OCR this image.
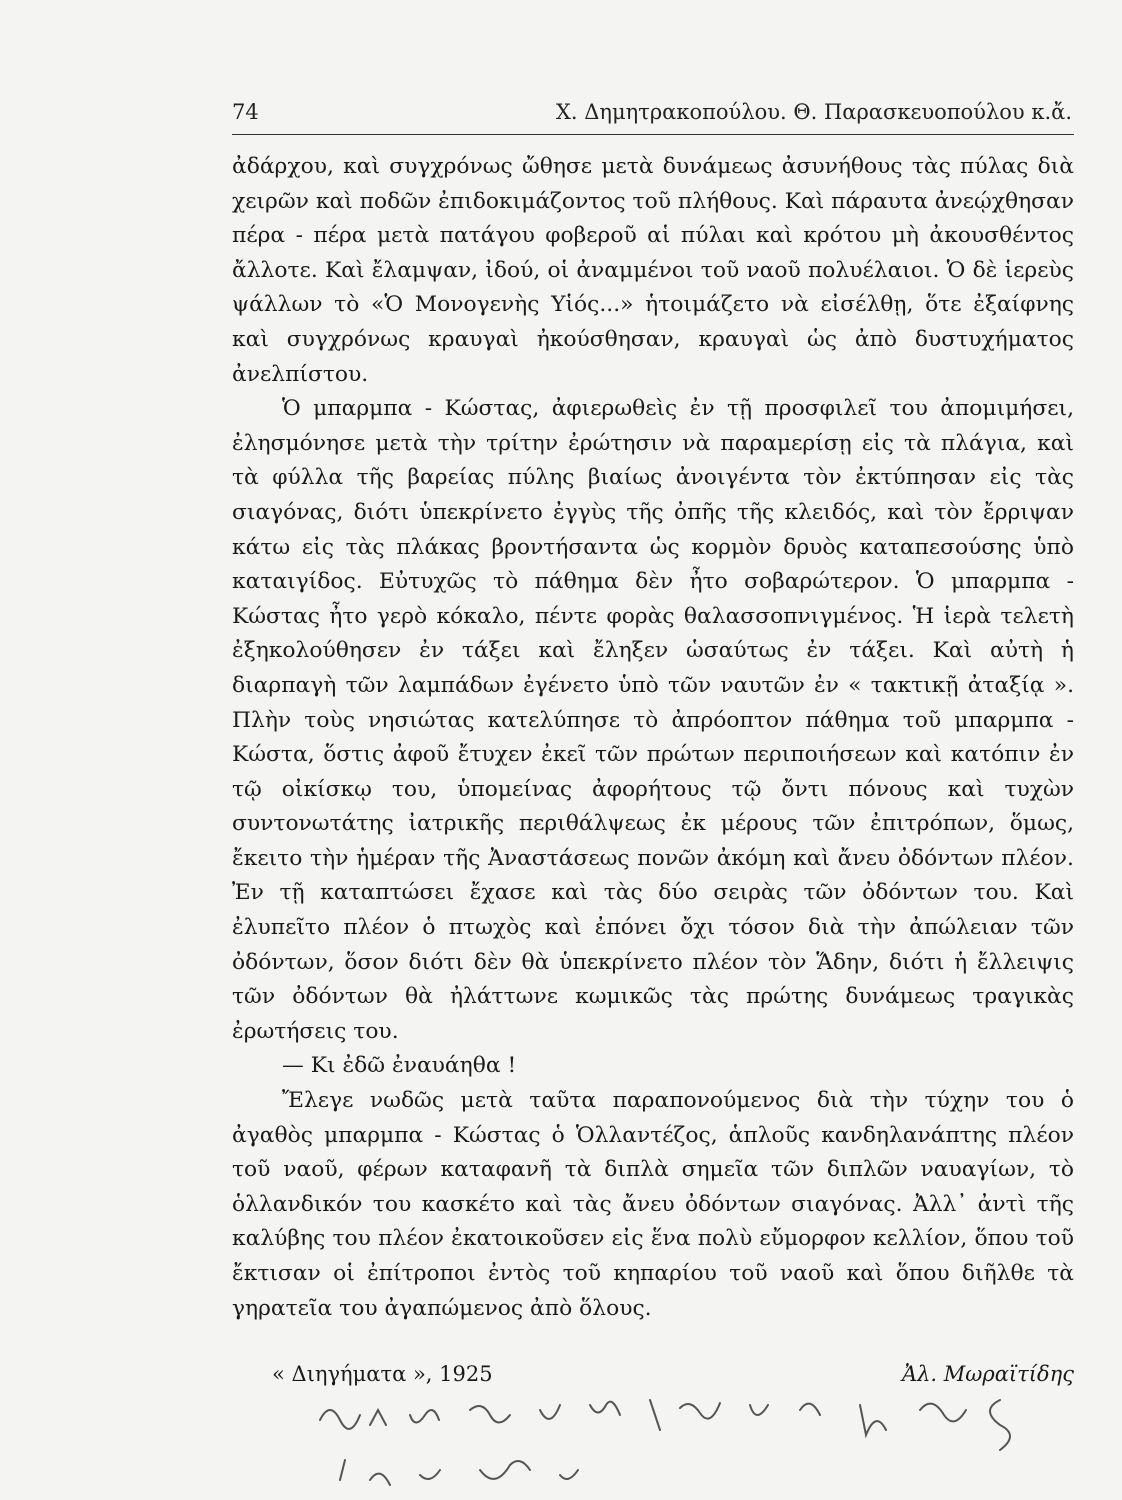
74	Χ. Δημητρακοπούλου. Θ. Παρασκευοπούλου κ.ἄ.

ἀδάρχου, καὶ συγχρόνως ὤθησε μετὰ δυνάμεως ἀσυνήθους τὰς πύλας διὰ χειρῶν καὶ ποδῶν ἐπιδοκιμάζοντος τοῦ πλήθους. Καὶ πάραυτα ἀνεῴχθησαν πέρα - πέρα μετὰ πατάγου φοβεροῦ αἱ πύλαι καὶ κρότου μὴ ἀκουσθέντος ἄλλοτε. Καὶ ἔλαμψαν, ἰδού, οἱ ἀναμμένοι τοῦ ναοῦ πολυέλαιοι. Ὁ δὲ ἱερεὺς ψάλλων τὸ «Ὁ Μονογενὴς Υἱός...» ἡτοιμάζετο νὰ εἰσέλθῃ, ὅτε ἐξαίφνης καὶ συγχρόνως κραυγαὶ ἠκούσθησαν, κραυγαὶ ὡς ἀπὸ δυστυχήματος ἀνελπίστου.

Ὁ μπαρμπα - Κώστας, ἀφιερωθεὶς ἐν τῇ προσφιλεῖ του ἀπομιμήσει, ἐλησμόνησε μετὰ τὴν τρίτην ἐρώτησιν νὰ παραμερίσῃ εἰς τὰ πλάγια, καὶ τὰ φύλλα τῆς βαρείας πύλης βιαίως ἀνοιγέντα τὸν ἐκτύπησαν εἰς τὰς σιαγόνας, διότι ὑπεκρίνετο ἐγγὺς τῆς ὀπῆς τῆς κλειδός, καὶ τὸν ἔρριψαν κάτω εἰς τὰς πλάκας βροντήσαντα ὡς κορμὸν δρυὸς καταπεσούσης ὑπὸ καταιγίδος. Εὐτυχῶς τὸ πάθημα δὲν ἦτο σοβαρώτερον. Ὁ μπαρμπα - Κώστας ἦτο γερὸ κόκαλο, πέντε φορὰς θαλασσοπνιγμένος. Ἡ ἱερὰ τελετὴ ἐξηκολούθησεν ἐν τάξει καὶ ἔληξεν ὡσαύτως ἐν τάξει. Καὶ αὐτὴ ἡ διαρπαγὴ τῶν λαμπάδων ἐγένετο ὑπὸ τῶν ναυτῶν ἐν « τακτικῇ ἀταξίᾳ ». Πλὴν τοὺς νησιώτας κατελύπησε τὸ ἀπρόοπτον πάθημα τοῦ μπαρμπα - Κώστα, ὅστις ἀφοῦ ἔτυχεν ἐκεῖ τῶν πρώτων περιποιήσεων καὶ κατόπιν ἐν τῷ οἰκίσκῳ του, ὑπομείνας ἀφορήτους τῷ ὄντι πόνους καὶ τυχὼν συντονωτάτης ἰατρικῆς περιθάλψεως ἐκ μέρους τῶν ἐπιτρόπων, ὅμως, ἔκειτο τὴν ἡμέραν τῆς Ἀναστάσεως πονῶν ἀκόμη καὶ ἄνευ ὀδόντων πλέον. Ἐν τῇ καταπτώσει ἔχασε καὶ τὰς δύο σειρὰς τῶν ὀδόντων του. Καὶ ἐλυπεῖτο πλέον ὁ πτωχὸς καὶ ἐπόνει ὄχι τόσον διὰ τὴν ἀπώλειαν τῶν ὀδόντων, ὅσον διότι δὲν θὰ ὑπεκρίνετο πλέον τὸν Ἅδην, διότι ἡ ἔλλειψις τῶν ὀδόντων θὰ ἠλάττωνε κωμικῶς τὰς πρώτης δυνάμεως τραγικὰς ἐρωτήσεις του.

— Κι ἐδῶ ἐναυάηθα !

Ἔλεγε νωδῶς μετὰ ταῦτα παραπονούμενος διὰ τὴν τύχην του ὁ ἀγαθὸς μπαρμπα - Κώστας ὁ Ὁλλαντέζος, ἁπλοῦς κανδηλανάπτης πλέον τοῦ ναοῦ, φέρων καταφανῆ τὰ διπλὰ σημεῖα τῶν διπλῶν ναυαγίων, τὸ ὁλλανδικόν του κασκέτο καὶ τὰς ἄνευ ὀδόντων σιαγόνας. Ἀλλ᾽ ἀντὶ τῆς καλύβης του πλέον ἐκατοικοῦσεν εἰς ἕνα πολὺ εὔμορφον κελλίον, ὅπου τοῦ ἔκτισαν οἱ ἐπίτροποι ἐντὸς τοῦ κηπαρίου τοῦ ναοῦ καὶ ὅπου διῆλθε τὰ γηρατεῖα του ἀγαπώμενος ἀπὸ ὅλους.

« Διηγήματα », 1925	Ἀλ. Μωραϊτίδης
